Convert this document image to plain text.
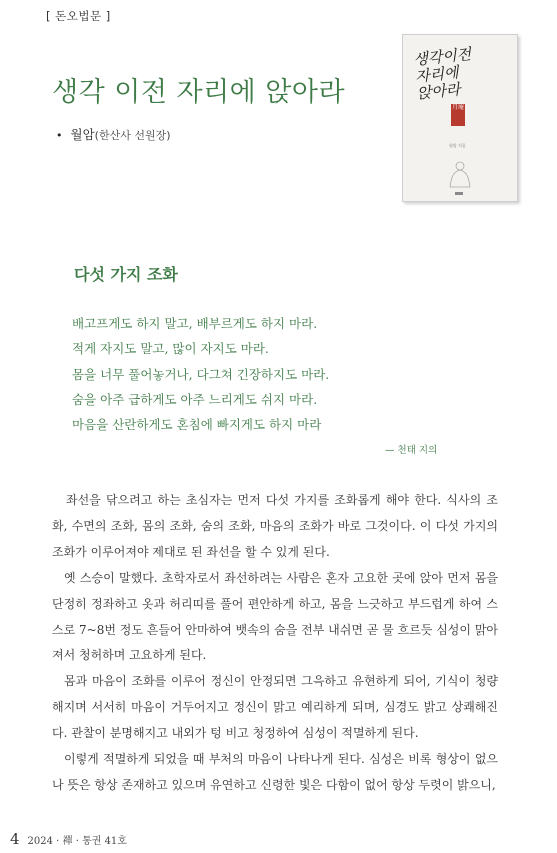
[ 돈오법문 ]
생각 이전 자리에 앉아라
• 월암(한산사 선원장)
생각이전
자리에
앉아라
月庵
월암 지음
다섯 가지 조화
배고프게도 하지 말고, 배부르게도 하지 마라.
적게 자지도 말고, 많이 자지도 마라.
몸을 너무 풀어놓거나, 다그쳐 긴장하지도 마라.
숨을 아주 급하게도 아주 느리게도 쉬지 마라.
마음을 산란하게도 혼침에 빠지게도 하지 마라
— 천태 지의

좌선을 닦으려고 하는 초심자는 먼저 다섯 가지를 조화롭게 해야 한다. 식사의 조화, 수면의 조화, 몸의 조화, 숨의 조화, 마음의 조화가 바로 그것이다. 이 다섯 가지의 조화가 이루어져야 제대로 된 좌선을 할 수 있게 된다.

옛 스승이 말했다. 초학자로서 좌선하려는 사람은 혼자 고요한 곳에 앉아 먼저 몸을 단정히 정좌하고 옷과 허리띠를 풀어 편안하게 하고, 몸을 느긋하고 부드럽게 하여 스스로 7~8번 정도 흔들어 안마하여 뱃속의 숨을 전부 내쉬면 곧 물 흐르듯 심성이 맑아져서 청허하며 고요하게 된다.

몸과 마음이 조화를 이루어 정신이 안정되면 그윽하고 유현하게 되어, 기식이 청량해지며 서서히 마음이 거두어지고 정신이 맑고 예리하게 되며, 심경도 밝고 상쾌해진다. 관찰이 분명해지고 내외가 텅 비고 청정하여 심성이 적멸하게 된다.

이렇게 적멸하게 되었을 때 부처의 마음이 나타나게 된다. 심성은 비록 형상이 없으나 뜻은 항상 존재하고 있으며 유연하고 신령한 빛은 다함이 없어 항상 두렷이 밝으니,

4 2024 · 禪 · 통권 41호
